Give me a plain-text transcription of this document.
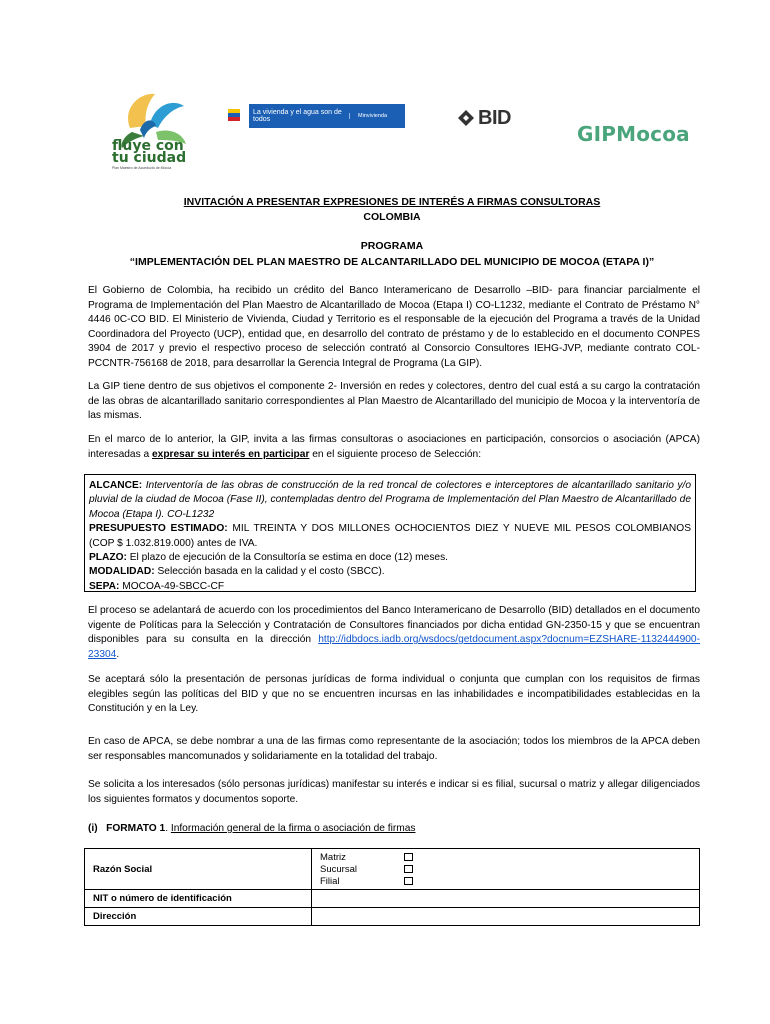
fluye con
tu ciudad
Plan Maestro de Acueducto de Mocoa
La vivienda y el agua son de todos	Minvivienda	BID
GIPMocoa
INVITACIÓN A PRESENTAR EXPRESIONES DE INTERÉS A FIRMAS CONSULTORAS
COLOMBIA
PROGRAMA
“IMPLEMENTACIÓN DEL PLAN MAESTRO DE ALCANTARILLADO DEL MUNICIPIO DE MOCOA (ETAPA I)”
El Gobierno de Colombia, ha recibido un crédito del Banco Interamericano de Desarrollo –BID- para financiar parcialmente el Programa de Implementación del Plan Maestro de Alcantarillado de Mocoa (Etapa I) CO-L1232, mediante el Contrato de Préstamo N° 4446 0C-CO BID. El Ministerio de Vivienda, Ciudad y Territorio es el responsable de la ejecución del Programa a través de la Unidad Coordinadora del Proyecto (UCP), entidad que, en desarrollo del contrato de préstamo y de lo establecido en el documento CONPES 3904 de 2017 y previo el respectivo proceso de selección contrató al Consorcio Consultores IEHG-JVP, mediante contrato COL-PCCNTR-756168 de 2018, para desarrollar la Gerencia Integral de Programa (La GIP).
La GIP tiene dentro de sus objetivos el componente 2- Inversión en redes y colectores, dentro del cual está a su cargo la contratación de las obras de alcantarillado sanitario correspondientes al Plan Maestro de Alcantarillado del municipio de Mocoa y la interventoría de las mismas.
En el marco de lo anterior, la GIP, invita a las firmas consultoras o asociaciones en participación, consorcios o asociación (APCA) interesadas a expresar su interés en participar en el siguiente proceso de Selección:
ALCANCE: Interventoría de las obras de construcción de la red troncal de colectores e interceptores de alcantarillado sanitario y/o pluvial de la ciudad de Mocoa (Fase II), contempladas dentro del Programa de Implementación del Plan Maestro de Alcantarillado de Mocoa (Etapa I). CO-L1232
PRESUPUESTO ESTIMADO: MIL TREINTA Y DOS MILLONES OCHOCIENTOS DIEZ Y NUEVE MIL PESOS COLOMBIANOS (COP $ 1.032.819.000) antes de IVA.
PLAZO: El plazo de ejecución de la Consultoría se estima en doce (12) meses.
MODALIDAD: Selección basada en la calidad y el costo (SBCC).
SEPA: MOCOA-49-SBCC-CF
El proceso se adelantará de acuerdo con los procedimientos del Banco Interamericano de Desarrollo (BID) detallados en el documento vigente de Políticas para la Selección y Contratación de Consultores financiados por dicha entidad GN-2350-15 y que se encuentran disponibles para su consulta en la dirección http://idbdocs.iadb.org/wsdocs/getdocument.aspx?docnum=EZSHARE-1132444900-23304.
Se aceptará sólo la presentación de personas jurídicas de forma individual o conjunta que cumplan con los requisitos de firmas elegibles según las políticas del BID y que no se encuentren incursas en las inhabilidades e incompatibilidades establecidas en la Constitución y en la Ley.
En caso de APCA, se debe nombrar a una de las firmas como representante de la asociación; todos los miembros de la APCA deben ser responsables mancomunados y solidariamente en la totalidad del trabajo.
Se solicita a los interesados (sólo personas jurídicas) manifestar su interés e indicar si es filial, sucursal o matriz y allegar diligenciados los siguientes formatos y documentos soporte.
(i) FORMATO 1. Información general de la firma o asociación de firmas
Razón Social	Matriz
Sucursal
Filial

NIT o número de identificación	
Dirección	
